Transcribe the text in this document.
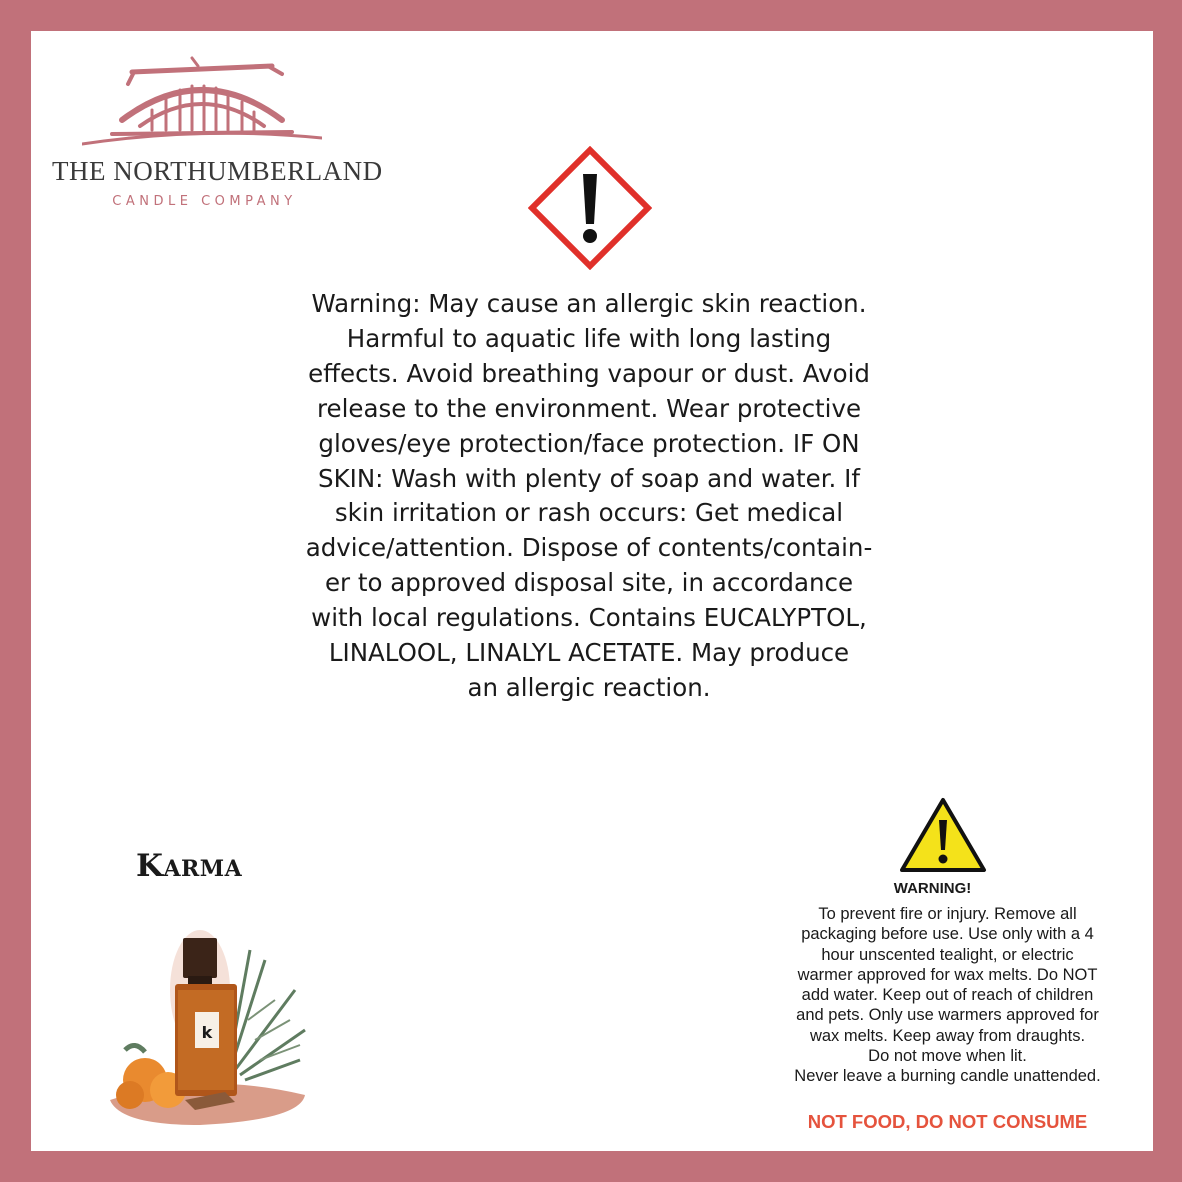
THE NORTHUMBERLAND
CANDLE COMPANY
Warning: May cause an allergic skin reaction.
Harmful to aquatic life with long lasting
effects. Avoid breathing vapour or dust. Avoid
release to the environment. Wear protective
gloves/eye protection/face protection. IF ON
SKIN: Wash with plenty of soap and water. If
skin irritation or rash occurs: Get medical
advice/attention. Dispose of contents/contain-
er to approved disposal site, in accordance
with local regulations. Contains EUCALYPTOL,
LINALOOL, LINALYL ACETATE. May produce
an allergic reaction.
Karma
k

WARNING!

To prevent fire or injury. Remove all
packaging before use. Use only with a 4
hour unscented tealight, or electric
warmer approved for wax melts. Do NOT
add water. Keep out of reach of children
and pets. Only use warmers approved for
wax melts. Keep away from draughts.
Do not move when lit.
Never leave a burning candle unattended.

NOT FOOD, DO NOT CONSUME
